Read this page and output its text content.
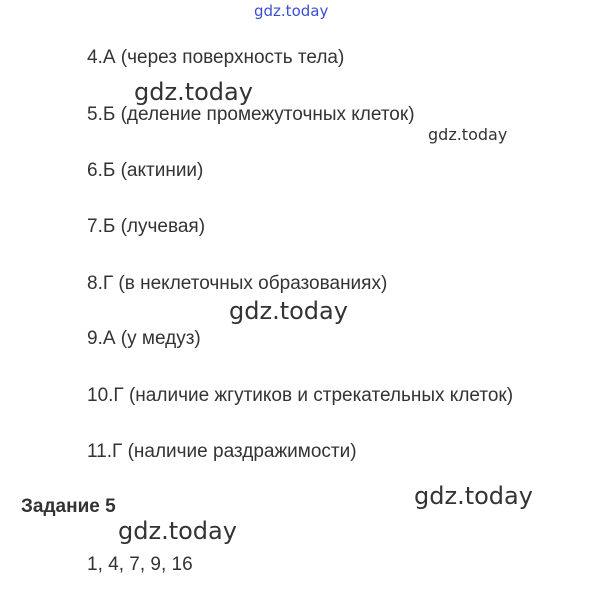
gdz.today
4.А (через поверхность тела)
gdz.today
5.Б (деление промежуточных клеток)
gdz.today
6.Б (актинии)
7.Б (лучевая)
8.Г (в неклеточных образованиях)
gdz.today
9.А (у медуз)
10.Г (наличие жгутиков и стрекательных клеток)
11.Г (наличие раздражимости)
gdz.today
Задание 5
gdz.today
1, 4, 7, 9, 16
